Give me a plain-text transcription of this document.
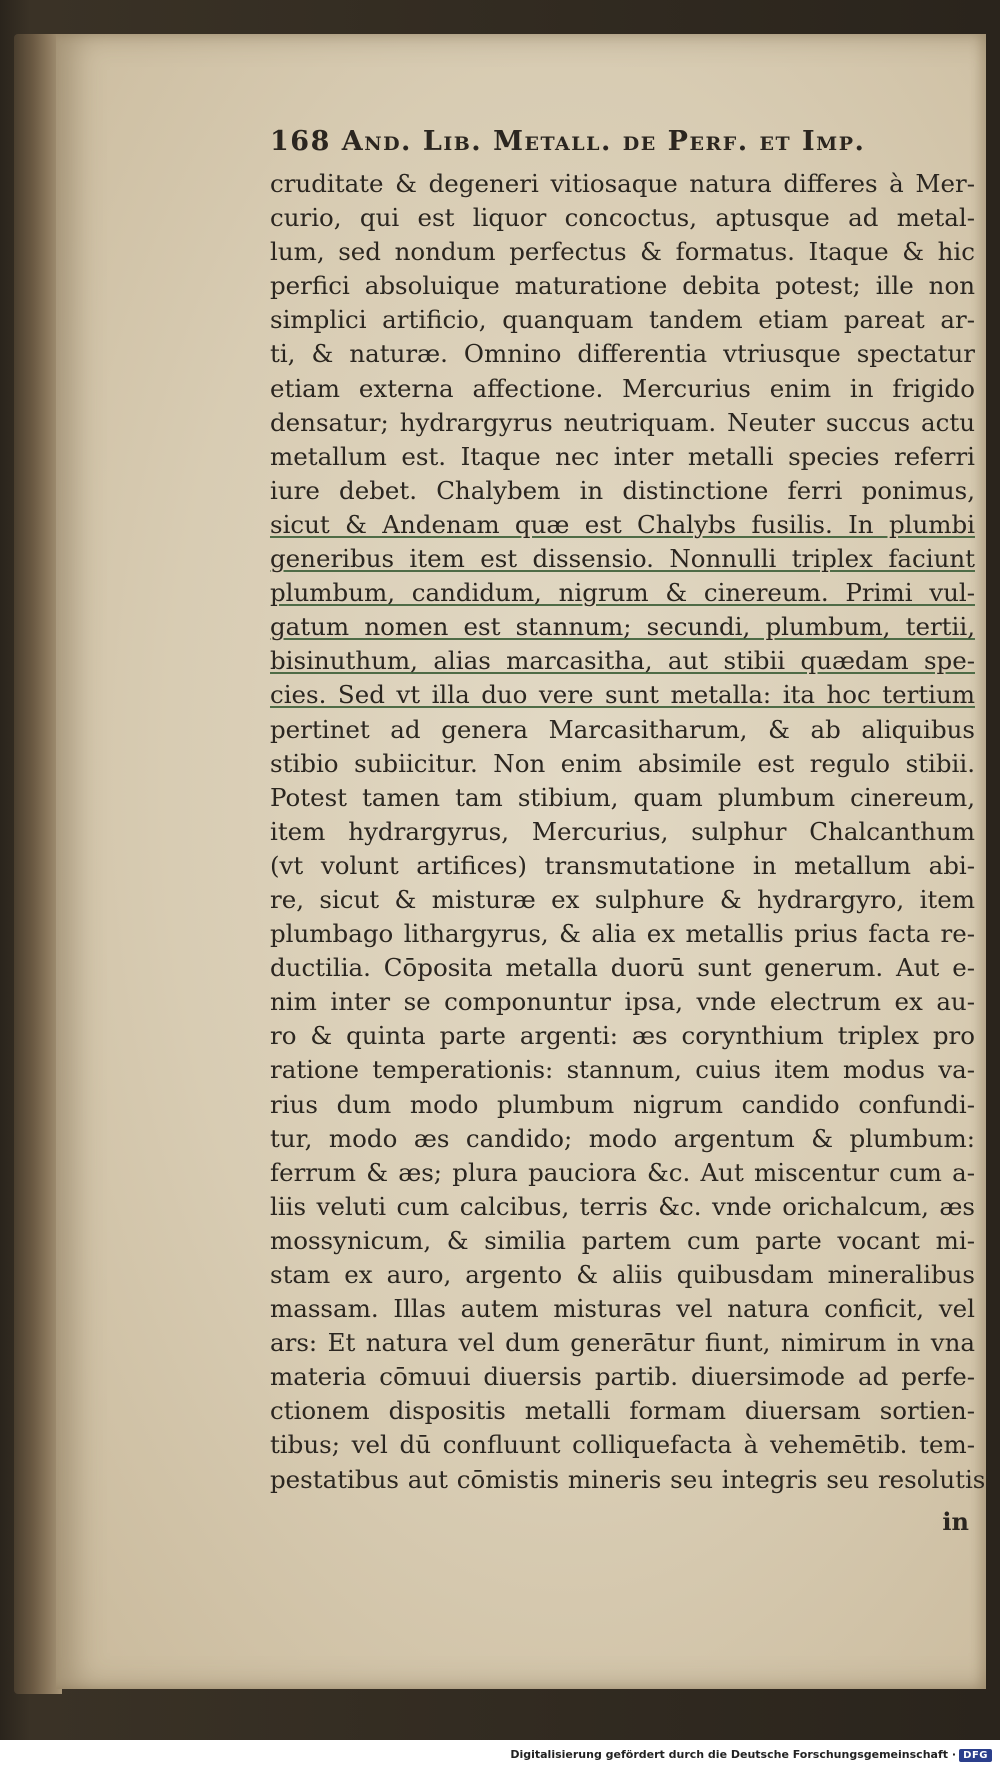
168 And. Lib. Metall. de Perf. et Imp.
cruditate & degeneri vitiosaque natura differes à Mer-
curio, qui est liquor concoctus, aptusque ad metal-
lum, sed nondum perfectus & formatus. Itaque & hic
perfici absoluique maturatione debita potest; ille non
simplici artificio, quanquam tandem etiam pareat ar-
ti, & naturæ. Omnino differentia vtriusque spectatur
etiam externa affectione. Mercurius enim in frigido
densatur; hydrargyrus neutriquam. Neuter succus actu
metallum est. Itaque nec inter metalli species referri
iure debet. Chalybem in distinctione ferri ponimus,
sicut & Andenam quæ est Chalybs fusilis. In plumbi
generibus item est dissensio. Nonnulli triplex faciunt
plumbum, candidum, nigrum & cinereum. Primi vul-
gatum nomen est stannum; secundi, plumbum, tertii,
bisinuthum, alias marcasitha, aut stibii quædam spe-
cies. Sed vt illa duo vere sunt metalla: ita hoc tertium
pertinet ad genera Marcasitharum, & ab aliquibus
stibio subiicitur. Non enim absimile est regulo stibii.
Potest tamen tam stibium, quam plumbum cinereum,
item hydrargyrus, Mercurius, sulphur Chalcanthum
(vt volunt artifices) transmutatione in metallum abi-
re, sicut & misturæ ex sulphure & hydrargyro, item
plumbago lithargyrus, & alia ex metallis prius facta re-
ductilia. Cōposita metalla duorū sunt generum. Aut e-
nim inter se componuntur ipsa, vnde electrum ex au-
ro & quinta parte argenti: æs corynthium triplex pro
ratione temperationis: stannum, cuius item modus va-
rius dum modo plumbum nigrum candido confundi-
tur, modo æs candido; modo argentum & plumbum:
ferrum & æs; plura pauciora &c. Aut miscentur cum a-
liis veluti cum calcibus, terris &c. vnde orichalcum, æs
mossynicum, & similia partem cum parte vocant mi-
stam ex auro, argento & aliis quibusdam mineralibus
massam. Illas autem misturas vel natura conficit, vel
ars: Et natura vel dum generātur fiunt, nimirum in vna
materia cōmuui diuersis partib. diuersimode ad perfe-
ctionem dispositis metalli formam diuersam sortien-
tibus; vel dū confluunt colliquefacta à vehemētib. tem-
pestatibus aut cōmistis mineris seu integris seu resolutis
in
Digitalisierung gefördert durch die Deutsche Forschungsgemeinschaft · DFG
